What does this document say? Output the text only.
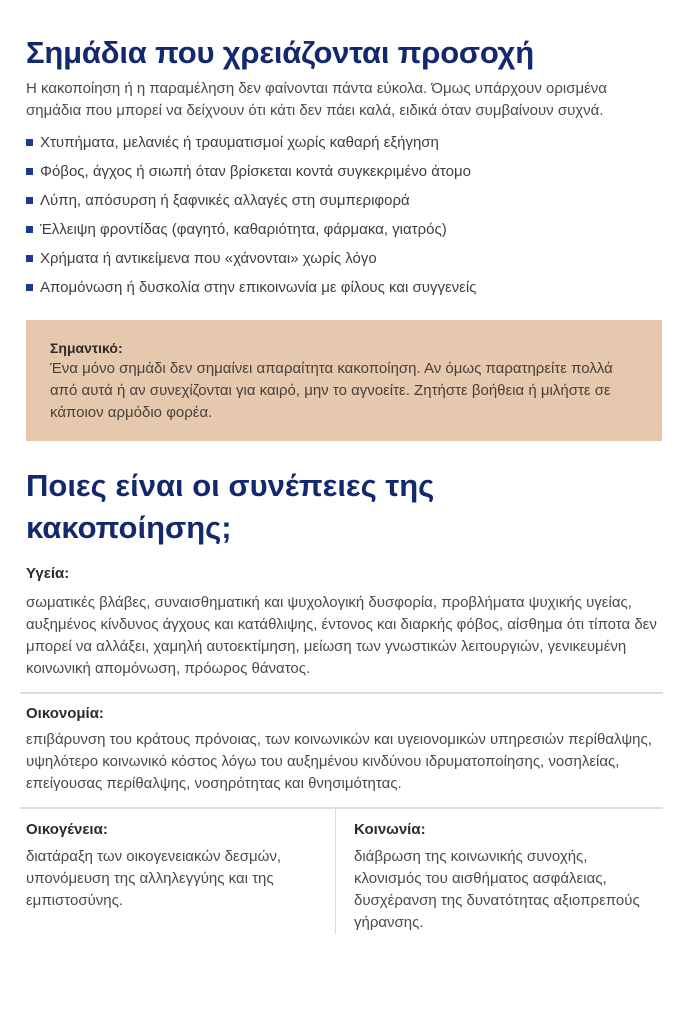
Σημάδια που χρειάζονται προσοχή

Η κακοποίηση ή η παραμέληση δεν φαίνονται πάντα εύκολα. Όμως υπάρχουν ορισμένα σημάδια που μπορεί να δείχνουν ότι κάτι δεν πάει καλά, ειδικά όταν συμβαίνουν συχνά.

Χτυπήματα, μελανιές ή τραυματισμοί χωρίς καθαρή εξήγηση
Φόβος, άγχος ή σιωπή όταν βρίσκεται κοντά συγκεκριμένο άτομο
Λύπη, απόσυρση ή ξαφνικές αλλαγές στη συμπεριφορά
Έλλειψη φροντίδας (φαγητό, καθαριότητα, φάρμακα, γιατρός)
Χρήματα ή αντικείμενα που «χάνονται» χωρίς λόγο
Απομόνωση ή δυσκολία στην επικοινωνία με φίλους και συγγενείς
Σημαντικό:
Ένα μόνο σημάδι δεν σημαίνει απαραίτητα κακοποίηση. Αν όμως παρατηρείτε πολλά από αυτά ή αν συνεχίζονται για καιρό, μην το αγνοείτε. Ζητήστε βοήθεια ή μιλήστε σε κάποιον αρμόδιο φορέα.
Ποιες είναι οι συνέπειες της κακοποίησης;
Υγεία:
σωματικές βλάβες, συναισθηματική και ψυχολογική δυσφορία, προβλήματα ψυχικής υγείας, αυξημένος κίνδυνος άγχους και κατάθλιψης, έντονος και διαρκής φόβος, αίσθημα ότι τίποτα δεν μπορεί να αλλάξει, χαμηλή αυτοεκτίμηση, μείωση των γνωστικών λειτουργιών, γενικευμένη κοινωνική απομόνωση, πρόωρος θάνατος.
Οικονομία:
επιβάρυνση του κράτους πρόνοιας, των κοινωνικών και υγειονομικών υπηρεσιών περίθαλψης, υψηλότερο κοινωνικό κόστος λόγω του αυξημένου κινδύνου ιδρυματοποίησης, νοσηλείας, επείγουσας περίθαλψης, νοσηρότητας και θνησιμότητας.
Οικογένεια:
διατάραξη των οικογενειακών δεσμών, υπονόμευση της αλληλεγγύης και της εμπιστοσύνης.
Κοινωνία:
διάβρωση της κοινωνικής συνοχής, κλονισμός του αισθήματος ασφάλειας, δυσχέρανση της δυνατότητας αξιοπρεπούς γήρανσης.
